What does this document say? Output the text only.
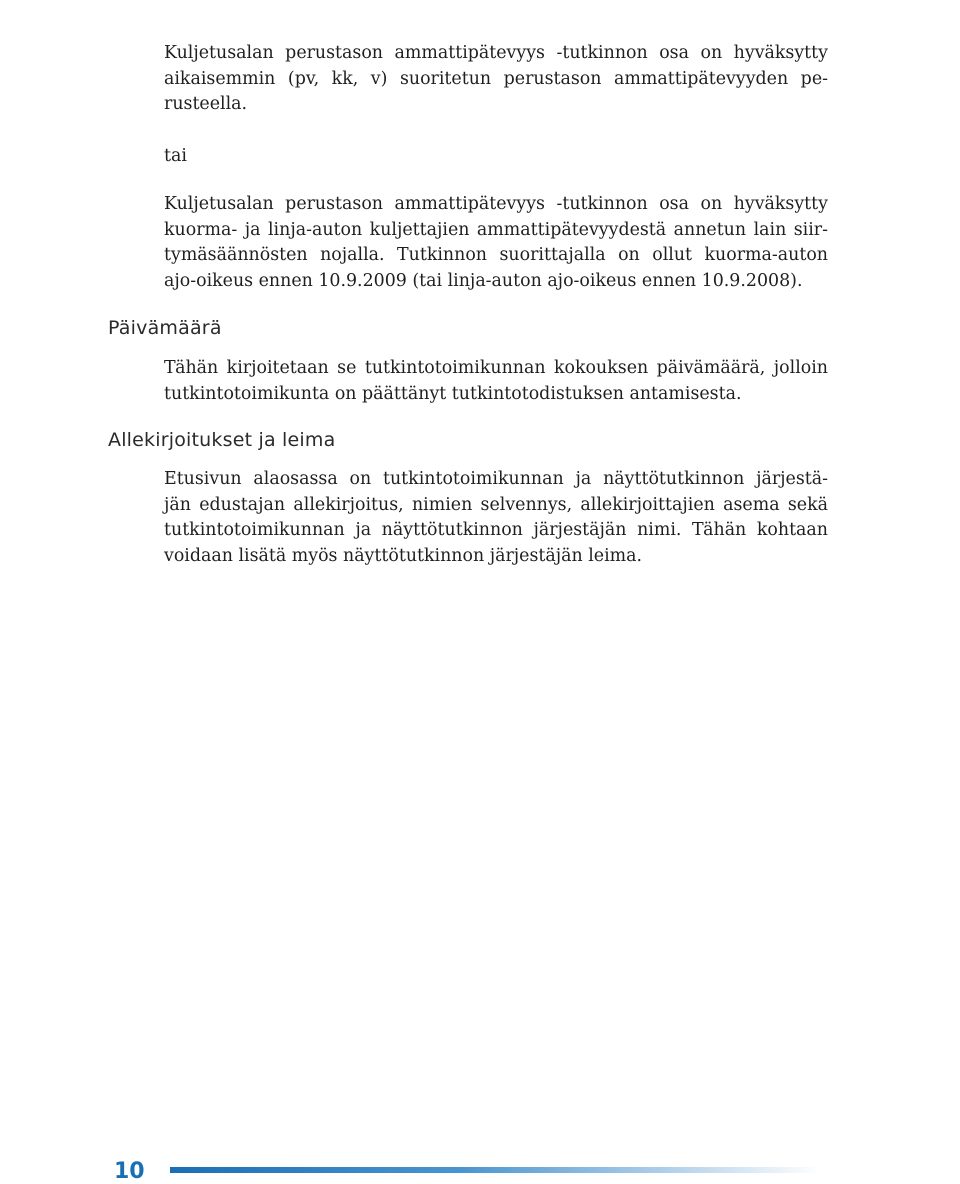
Kuljetusalan perustason ammattipätevyys -tutkinnon osa on hyväksytty
aikaisemmin (pv, kk, v) suoritetun perustason ammattipätevyyden pe-
rusteella.
tai
Kuljetusalan perustason ammattipätevyys -tutkinnon osa on hyväksytty
kuorma- ja linja-auton kuljettajien ammattipätevyydestä annetun lain siir-
tymäsäännösten nojalla. Tutkinnon suorittajalla on ollut kuorma-auton
ajo-oikeus ennen 10.9.2009 (tai linja-auton ajo-oikeus ennen 10.9.2008).
Päivämäärä
Tähän kirjoitetaan se tutkintotoimikunnan kokouksen päivämäärä, jolloin
tutkintotoimikunta on päättänyt tutkintotodistuksen antamisesta.
Allekirjoitukset ja leima
Etusivun alaosassa on tutkintotoimikunnan ja näyttötutkinnon järjestä-
jän edustajan allekirjoitus, nimien selvennys, allekirjoittajien asema sekä
tutkintotoimikunnan ja näyttötutkinnon järjestäjän nimi. Tähän kohtaan
voidaan lisätä myös näyttötutkinnon järjestäjän leima.
10
